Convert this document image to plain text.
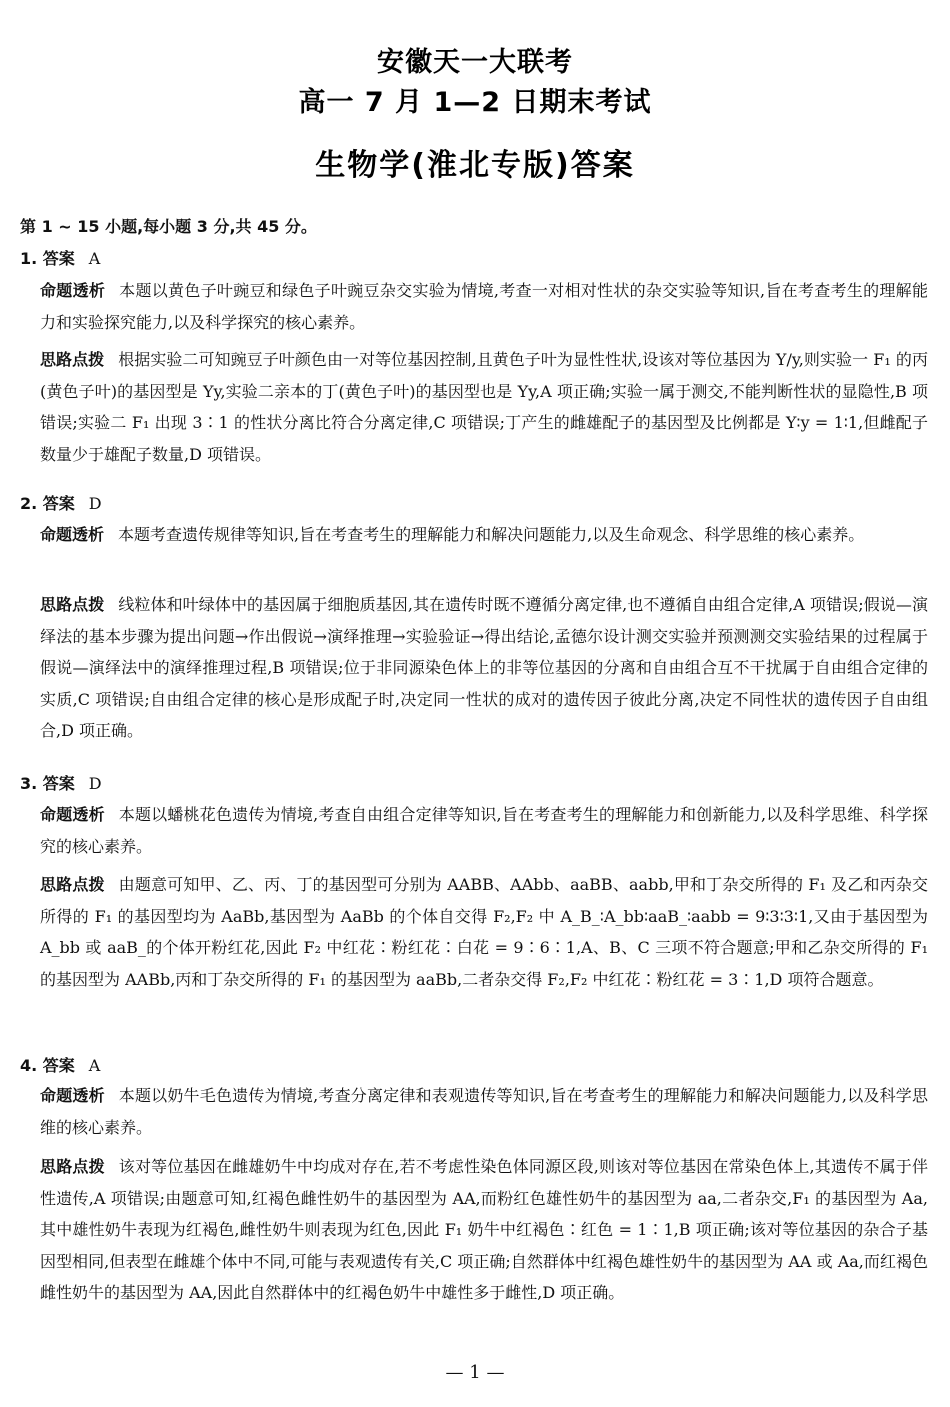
安徽天一大联考
高一 7 月 1—2 日期末考试
生物学(淮北专版)答案
第 1 ~ 15 小题,每小题 3 分,共 45 分。
1. 答案 A

命题透析 本题以黄色子叶豌豆和绿色子叶豌豆杂交实验为情境,考查一对相对性状的杂交实验等知识,旨在考查考生的理解能力和实验探究能力,以及科学探究的核心素养。

思路点拨 根据实验二可知豌豆子叶颜色由一对等位基因控制,且黄色子叶为显性性状,设该对等位基因为 Y/y,则实验一 F₁ 的丙(黄色子叶)的基因型是 Yy,实验二亲本的丁(黄色子叶)的基因型也是 Yy,A 项正确;实验一属于测交,不能判断性状的显隐性,B 项错误;实验二 F₁ 出现 3∶1 的性状分离比符合分离定律,C 项错误;丁产生的雌雄配子的基因型及比例都是 Y∶y = 1∶1,但雌配子数量少于雄配子数量,D 项错误。

2. 答案 D

命题透析 本题考查遗传规律等知识,旨在考查考生的理解能力和解决问题能力,以及生命观念、科学思维的核心素养。

思路点拨 线粒体和叶绿体中的基因属于细胞质基因,其在遗传时既不遵循分离定律,也不遵循自由组合定律,A 项错误;假说—演绎法的基本步骤为提出问题→作出假说→演绎推理→实验验证→得出结论,孟德尔设计测交实验并预测测交实验结果的过程属于假说—演绎法中的演绎推理过程,B 项错误;位于非同源染色体上的非等位基因的分离和自由组合互不干扰属于自由组合定律的实质,C 项错误;自由组合定律的核心是形成配子时,决定同一性状的成对的遗传因子彼此分离,决定不同性状的遗传因子自由组合,D 项正确。

3. 答案 D

命题透析 本题以蟠桃花色遗传为情境,考查自由组合定律等知识,旨在考查考生的理解能力和创新能力,以及科学思维、科学探究的核心素养。

思路点拨 由题意可知甲、乙、丙、丁的基因型可分别为 AABB、AAbb、aaBB、aabb,甲和丁杂交所得的 F₁ 及乙和丙杂交所得的 F₁ 的基因型均为 AaBb,基因型为 AaBb 的个体自交得 F₂,F₂ 中 A_B_∶A_bb∶aaB_∶aabb = 9∶3∶3∶1,又由于基因型为 A_bb 或 aaB_的个体开粉红花,因此 F₂ 中红花∶粉红花∶白花 = 9∶6∶1,A、B、C 三项不符合题意;甲和乙杂交所得的 F₁ 的基因型为 AABb,丙和丁杂交所得的 F₁ 的基因型为 aaBb,二者杂交得 F₂,F₂ 中红花∶粉红花 = 3∶1,D 项符合题意。

4. 答案 A

命题透析 本题以奶牛毛色遗传为情境,考查分离定律和表观遗传等知识,旨在考查考生的理解能力和解决问题能力,以及科学思维的核心素养。

思路点拨 该对等位基因在雌雄奶牛中均成对存在,若不考虑性染色体同源区段,则该对等位基因在常染色体上,其遗传不属于伴性遗传,A 项错误;由题意可知,红褐色雌性奶牛的基因型为 AA,而粉红色雄性奶牛的基因型为 aa,二者杂交,F₁ 的基因型为 Aa,其中雄性奶牛表现为红褐色,雌性奶牛则表现为红色,因此 F₁ 奶牛中红褐色∶红色 = 1∶1,B 项正确;该对等位基因的杂合子基因型相同,但表型在雌雄个体中不同,可能与表观遗传有关,C 项正确;自然群体中红褐色雄性奶牛的基因型为 AA 或 Aa,而红褐色雌性奶牛的基因型为 AA,因此自然群体中的红褐色奶牛中雄性多于雌性,D 项正确。

— 1 —
